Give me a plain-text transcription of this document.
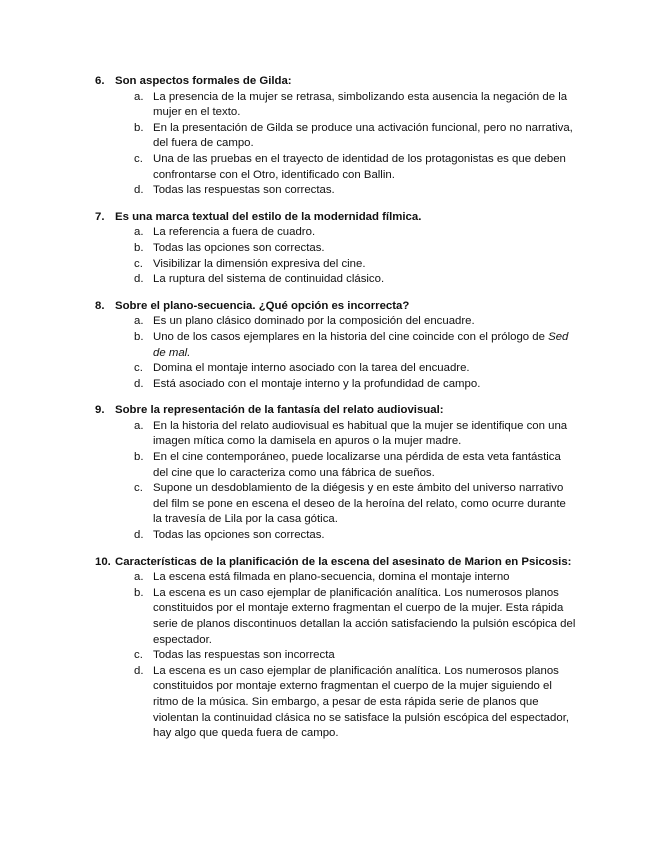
6. Son aspectos formales de Gilda:
a. La presencia de la mujer se retrasa, simbolizando esta ausencia la negación de la mujer en el texto.
b. En la presentación de Gilda se produce una activación funcional, pero no narrativa, del fuera de campo.
c. Una de las pruebas en el trayecto de identidad de los protagonistas es que deben confrontarse con el Otro, identificado con Ballin.
d. Todas las respuestas son correctas.
7. Es una marca textual del estilo de la modernidad fílmica.
a. La referencia a fuera de cuadro.
b. Todas las opciones son correctas.
c. Visibilizar la dimensión expresiva del cine.
d. La ruptura del sistema de continuidad clásico.
8. Sobre el plano-secuencia. ¿Qué opción es incorrecta?
a. Es un plano clásico dominado por la composición del encuadre.
b. Uno de los casos ejemplares en la historia del cine coincide con el prólogo de Sed de mal.
c. Domina el montaje interno asociado con la tarea del encuadre.
d. Está asociado con el montaje interno y la profundidad de campo.
9. Sobre la representación de la fantasía del relato audiovisual:
a. En la historia del relato audiovisual es habitual que la mujer se identifique con una imagen mítica como la damisela en apuros o la mujer madre.
b. En el cine contemporáneo, puede localizarse una pérdida de esta veta fantástica del cine que lo caracteriza como una fábrica de sueños.
c. Supone un desdoblamiento de la diégesis y en este ámbito del universo narrativo del film se pone en escena el deseo de la heroína del relato, como ocurre durante la travesía de Lila por la casa gótica.
d. Todas las opciones son correctas.
10. Características de la planificación de la escena del asesinato de Marion en Psicosis:
a. La escena está filmada en plano-secuencia, domina el montaje interno
b. La escena es un caso ejemplar de planificación analítica. Los numerosos planos constituidos por el montaje externo fragmentan el cuerpo de la mujer. Esta rápida serie de planos discontinuos detallan la acción satisfaciendo la pulsión escópica del espectador.
c. Todas las respuestas son incorrecta
d. La escena es un caso ejemplar de planificación analítica. Los numerosos planos constituidos por montaje externo fragmentan el cuerpo de la mujer siguiendo el ritmo de la música. Sin embargo, a pesar de esta rápida serie de planos que violentan la continuidad clásica no se satisface la pulsión escópica del espectador, hay algo que queda fuera de campo.
